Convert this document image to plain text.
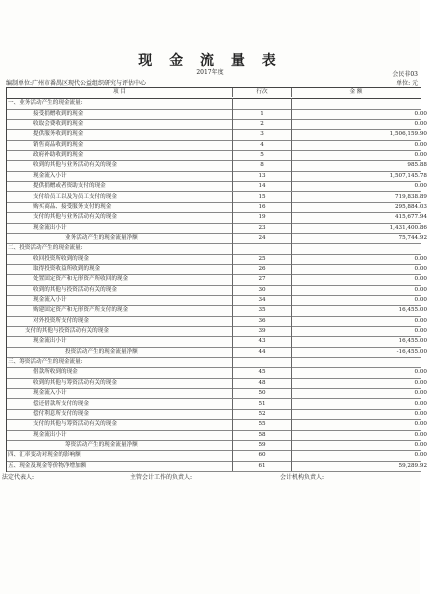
现 金 流 量 表
2017年度	会民非03
编制单位:广州市番禺区现代公益组织研究与评估中心	单位: 元
项 目	行次	金 额
一、业务活动产生的现金流量:
接受捐赠收到的现金	1	0.00
收取会费收到的现金	2	0.00
提供服务收到的现金	3	1,506,159.90
销售商品收到的现金	4	0.00
政府补助收到的现金	5	0.00
收到的其他与业务活动有关的现金	8	985.88
现金流入小计	13	1,507,145.78
提供捐赠或者资助支付的现金	14	0.00
支付给员工以及为员工支付的现金	15	719,838.89
购买商品、接受服务支付的现金	16	295,884.03
支付的其他与业务活动有关的现金	19	415,677.94
现金流出小计	23	1,431,400.86
业务活动产生的现金流量净额	24	75,744.92
二、投资活动产生的现金流量:
收回投资所收到的现金	25	0.00
取得投资收益所收到的现金	26	0.00
处置固定资产和无形资产所收回的现金	27	0.00
收到的其他与投资活动有关的现金	30	0.00
现金流入小计	34	0.00
购建固定资产和无形资产所支付的现金	35	16,455.00
对外投资所支付的现金	36	0.00
支付的其他与投资活动有关的现金	39	0.00
现金流出小计	43	16,455.00
投资活动产生的现金流量净额	44	-16,455.00
三、筹资活动产生的现金流量:
借款所收到的现金	45	0.00
收到的其他与筹资活动有关的现金	48	0.00
现金流入小计	50	0.00
偿还借款所支付的现金	51	0.00
偿付利息所支付的现金	52	0.00
支付的其他与筹资活动有关的现金	55	0.00
现金流出小计	58	0.00
筹资活动产生的现金流量净额	59	0.00
四、汇率变动对现金的影响额	60	0.00
五、现金及现金等价物净增加额	61	59,289.92
法定代表人:	主管会计工作的负责人:	会计机构负责人:
